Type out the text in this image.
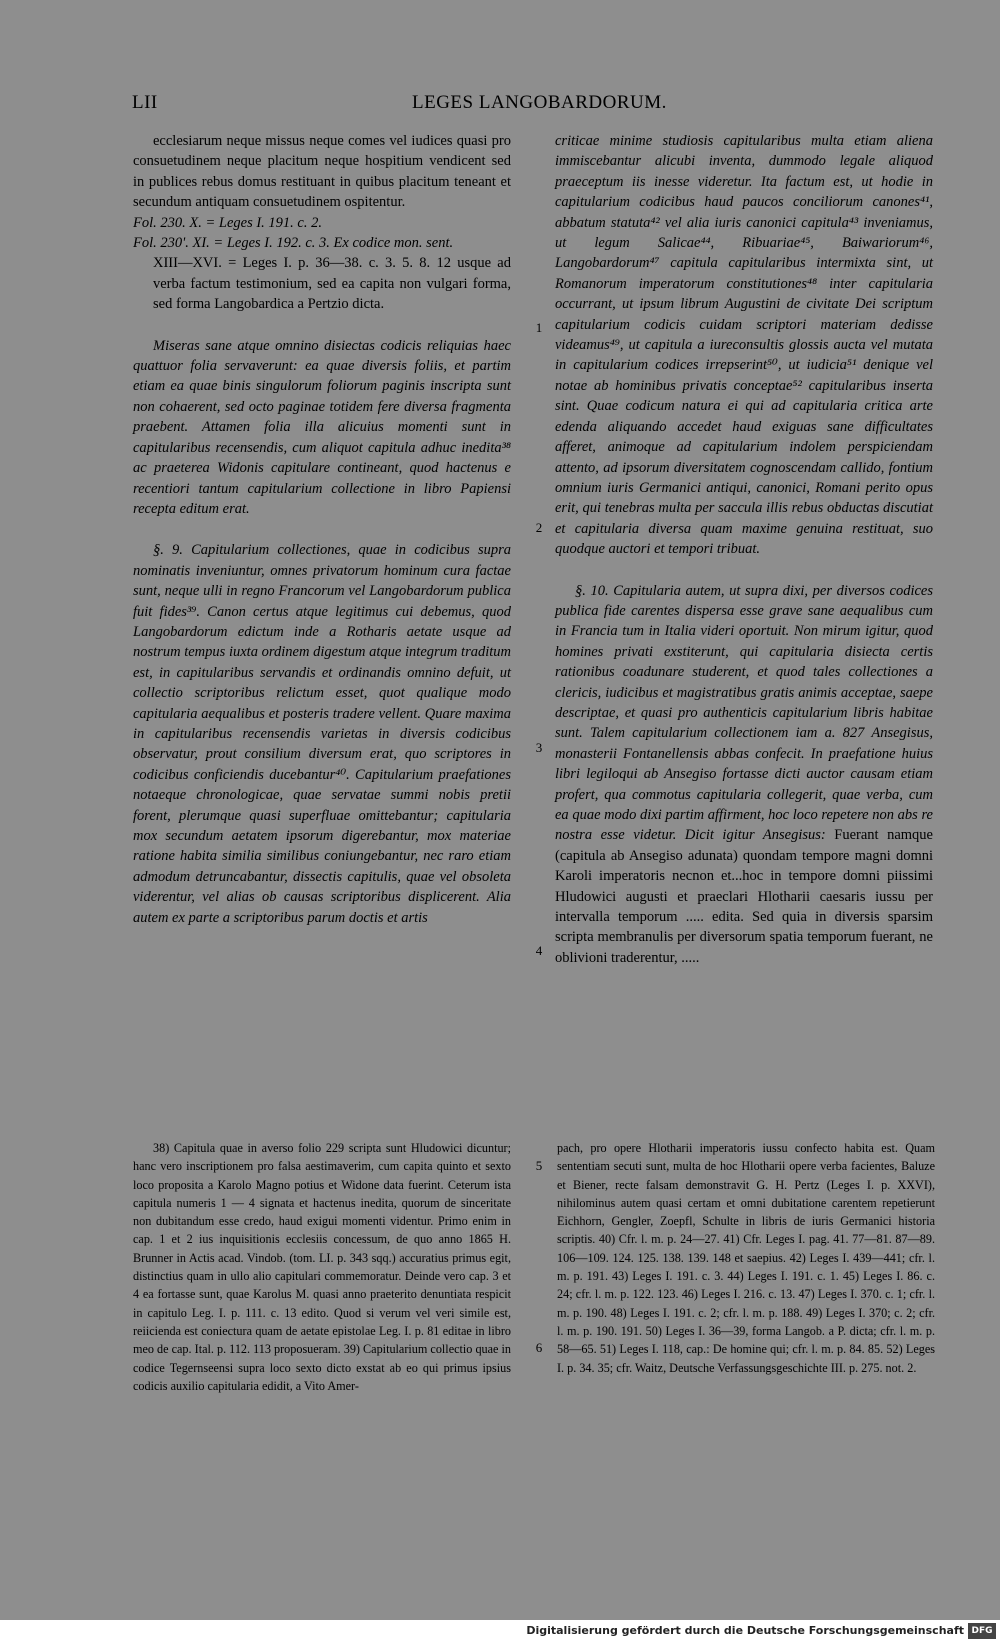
LII	LEGES LANGOBARDORUM.

ecclesiarum neque missus neque comes vel iudices quasi pro consuetudinem neque placitum neque hospitium vendicent sed in publices rebus domus restituant in quibus placitum teneant et secundum antiquam consuetudinem ospitentur.

Fol. 230. X. = Leges I. 191. c. 2.

Fol. 230'. XI. = Leges I. 192. c. 3. Ex codice mon. sent.

XIII—XVI. = Leges I. p. 36—38. c. 3. 5. 8. 12 usque ad verba factum testimonium, sed ea capita non vulgari forma, sed forma Langobardica a Pertzio dicta.

Miseras sane atque omnino disiectas codicis reliquias haec quattuor folia servaverunt: ea quae diversis foliis, et partim etiam ea quae binis singulorum foliorum paginis inscripta sunt non cohaerent, sed octo paginae totidem fere diversa fragmenta praebent. Attamen folia illa alicuius momenti sunt in capitularibus recensendis, cum aliquot capitula adhuc inedita³⁸ ac praeterea Widonis capitulare contineant, quod hactenus e recentiori tantum capitularium collectione in libro Papiensi recepta editum erat.

§. 9. Capitularium collectiones, quae in codicibus supra nominatis inveniuntur, omnes privatorum hominum cura factae sunt, neque ulli in regno Francorum vel Langobardorum publica fuit fides³⁹. Canon certus atque legitimus cui debemus, quod Langobardorum edictum inde a Rotharis aetate usque ad nostrum tempus iuxta ordinem digestum atque integrum traditum est, in capitularibus servandis et ordinandis omnino defuit, ut collectio scriptoribus relictum esset, quot qualique modo capitularia aequalibus et posteris tradere vellent. Quare maxima in capitularibus recensendis varietas in diversis codicibus observatur, prout consilium diversum erat, quo scriptores in codicibus conficiendis ducebantur⁴⁰. Capitularium praefationes notaeque chronologicae, quae servatae summi nobis pretii forent, plerumque quasi superfluae omittebantur; capitularia mox secundum aetatem ipsorum digerebantur, mox materiae ratione habita similia similibus coniungebantur, nec raro etiam admodum detruncabantur, dissectis capitulis, quae vel obsoleta viderentur, vel alias ob causas scriptoribus displicerent. Alia autem ex parte a scriptoribus parum doctis et artis

criticae minime studiosis capitularibus multa etiam aliena immiscebantur alicubi inventa, dummodo legale aliquod praeceptum iis inesse videretur. Ita factum est, ut hodie in capitularium codicibus haud paucos conciliorum canones⁴¹, abbatum statuta⁴² vel alia iuris canonici capitula⁴³ inveniamus, ut legum Salicae⁴⁴, Ribuariae⁴⁵, Baiwariorum⁴⁶, Langobardorum⁴⁷ capitula capitularibus intermixta sint, ut Romanorum imperatorum constitutiones⁴⁸ inter capitularia occurrant, ut ipsum librum Augustini de civitate Dei scriptum capitularium codicis cuidam scriptori materiam dedisse videamus⁴⁹, ut capitula a iureconsultis glossis aucta vel mutata in capitularium codices irrepserint⁵⁰, ut iudicia⁵¹ denique vel notae ab hominibus privatis conceptae⁵² capitularibus inserta sint. Quae codicum natura ei qui ad capitularia critica arte edenda aliquando accedet haud exiguas sane difficultates afferet, animoque ad capitularium indolem perspiciendam attento, ad ipsorum diversitatem cognoscendam callido, fontium omnium iuris Germanici antiqui, canonici, Romani perito opus erit, qui tenebras multa per saccula illis rebus obductas discutiat et capitularia diversa quam maxime genuina restituat, suo quodque auctori et tempori tribuat.

§. 10. Capitularia autem, ut supra dixi, per diversos codices publica fide carentes dispersa esse grave sane aequalibus cum in Francia tum in Italia videri oportuit. Non mirum igitur, quod homines privati exstiterunt, qui capitularia disiecta certis rationibus coadunare studerent, et quod tales collectiones a clericis, iudicibus et magistratibus gratis animis acceptae, saepe descriptae, et quasi pro authenticis capitularium libris habitae sunt. Talem capitularium collectionem iam a. 827 Ansegisus, monasterii Fontanellensis abbas confecit. In praefatione huius libri legiloqui ab Ansegiso fortasse dicti auctor causam etiam profert, qua commotus capitularia collegerit, quae verba, cum ea quae modo dixi partim affirment, hoc loco repetere non abs re nostra esse videtur. Dicit igitur Ansegisus: Fuerant namque (capitula ab Ansegiso adunata) quondam tempore magni domni Karoli imperatoris necnon et...hoc in tempore domni piissimi Hludowici augusti et praeclari Hlotharii caesaris iussu per intervalla temporum ..... edita. Sed quia in diversis sparsim scripta membranulis per diversorum spatia temporum fuerant, ne oblivioni traderentur, .....

1
2
3
4
5
6

38) Capitula quae in averso folio 229 scripta sunt Hludowici dicuntur; hanc vero inscriptionem pro falsa aestimaverim, cum capita quinto et sexto loco proposita a Karolo Magno potius et Widone data fuerint. Ceterum ista capitula numeris 1 — 4 signata et hactenus inedita, quorum de sinceritate non dubitandum esse credo, haud exigui momenti videntur. Primo enim in cap. 1 et 2 ius inquisitionis ecclesiis concessum, de quo anno 1865 H. Brunner in Actis acad. Vindob. (tom. LI. p. 343 sqq.) accuratius primus egit, distinctius quam in ullo alio capitulari commemoratur. Deinde vero cap. 3 et 4 ea fortasse sunt, quae Karolus M. quasi anno praeterito denuntiata respicit in capitulo Leg. I. p. 111. c. 13 edito. Quod si verum vel veri simile est, reiicienda est coniectura quam de aetate epistolae Leg. I. p. 81 editae in libro meo de cap. Ital. p. 112. 113 proposueram. 39) Capitularium collectio quae in codice Tegernseensi supra loco sexto dicto exstat ab eo qui primus ipsius codicis auxilio capitularia edidit, a Vito Amer-

pach, pro opere Hlotharii imperatoris iussu confecto habita est. Quam sententiam secuti sunt, multa de hoc Hlotharii opere verba facientes, Baluze et Biener, recte falsam demonstravit G. H. Pertz (Leges I. p. XXVI), nihilominus autem quasi certam et omni dubitatione carentem repetierunt Eichhorn, Gengler, Zoepfl, Schulte in libris de iuris Germanici historia scriptis. 40) Cfr. l. m. p. 24—27. 41) Cfr. Leges I. pag. 41. 77—81. 87—89. 106—109. 124. 125. 138. 139. 148 et saepius. 42) Leges I. 439—441; cfr. l. m. p. 191. 43) Leges I. 191. c. 3. 44) Leges I. 191. c. 1. 45) Leges I. 86. c. 24; cfr. l. m. p. 122. 123. 46) Leges I. 216. c. 13. 47) Leges I. 370. c. 1; cfr. l. m. p. 190. 48) Leges I. 191. c. 2; cfr. l. m. p. 188. 49) Leges I. 370; c. 2; cfr. l. m. p. 190. 191. 50) Leges I. 36—39, forma Langob. a P. dicta; cfr. l. m. p. 58—65. 51) Leges I. 118, cap.: De homine qui; cfr. l. m. p. 84. 85. 52) Leges I. p. 34. 35; cfr. Waitz, Deutsche Verfassungsgeschichte III. p. 275. not. 2.

Digitalisierung gefördert durch die Deutsche Forschungsgemeinschaft DFG
